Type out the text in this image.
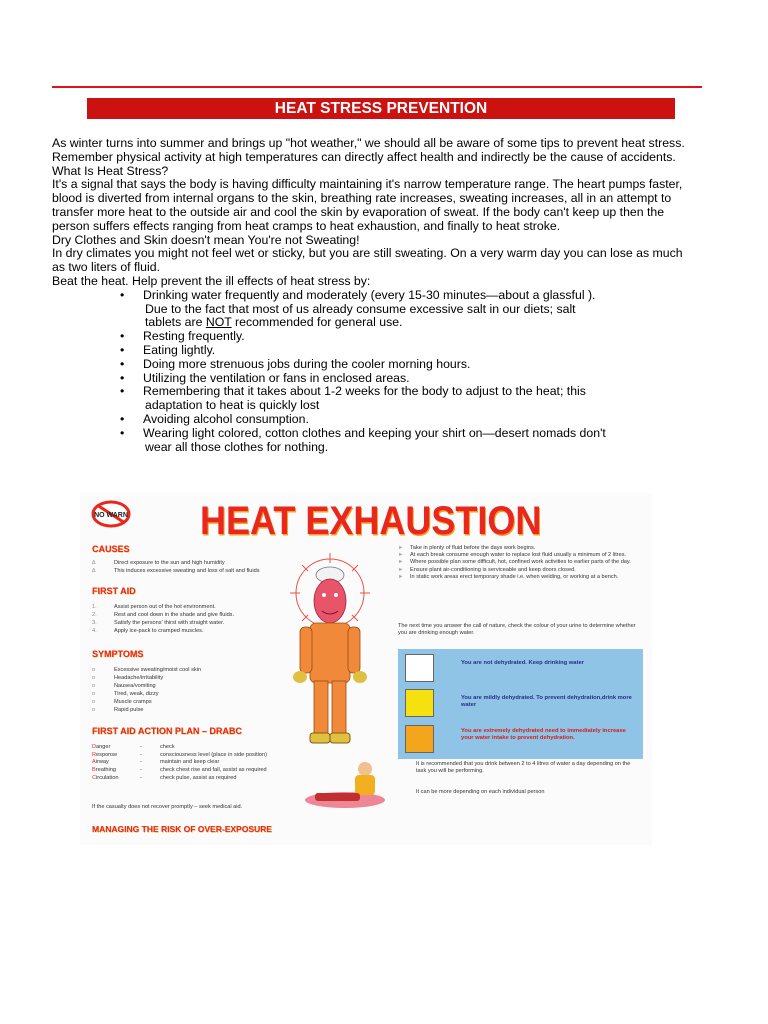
HEAT STRESS PREVENTION

As winter turns into summer and brings up "hot weather," we should all be aware of some tips to prevent heat stress. Remember physical activity at high temperatures can directly affect health and indirectly be the cause of accidents.

What Is Heat Stress?

It's a signal that says the body is having difficulty maintaining it's narrow temperature range. The heart pumps faster, blood is diverted from internal organs to the skin, breathing rate increases, sweating increases, all in an attempt to transfer more heat to the outside air and cool the skin by evaporation of sweat. If the body can't keep up then the person suffers effects ranging from heat cramps to heat exhaustion, and finally to heat stroke.

Dry Clothes and Skin doesn't mean You're not Sweating!

In dry climates you might not feel wet or sticky, but you are still sweating. On a very warm day you can lose as much as two liters of fluid.

Beat the heat. Help prevent the ill effects of heat stress by:

• Drinking water frequently and moderately (every 15-30 minutes—about a glassful ).
Due to the fact that most of us already consume excessive salt in our diets; salt
tablets are NOT recommended for general use.
• Resting frequently.
• Eating lightly.
• Doing more strenuous jobs during the cooler morning hours.
• Utilizing the ventilation or fans in enclosed areas.
• Remembering that it takes about 1-2 weeks for the body to adjust to the heat; this
adaptation to heat is quickly lost
• Avoiding alcohol consumption.
• Wearing light colored, cotton clothes and keeping your shirt on—desert nomads don't
wear all those clothes for nothing.
NO WARN HEAT EXHAUSTION
CAUSES
∆	Direct exposure to the sun and high humidity
∆	This induces excessive sweating and loss of salt and fluids
FIRST AID
1.	Assist person out of the hot environment.
2.	Rest and cool down in the shade and give fluids.
3.	Satisfy the persons' thirst with straight water.
4.	Apply ice-pack to cramped muscles.
SYMPTOMS
o	Excessive sweating/moist cool skin
o	Headache/irritability
o	Nausea/vomiting
o	Tired, weak, dizzy
o	Muscle cramps
o	Rapid pulse
FIRST AID ACTION PLAN – DRABC
Danger	-	check
Response	-	consciousness level (place in side position)
Airway	-	maintain and keep clear
Breathing	-	check chest rise and fall, assist as required
Circulation	-	check pulse, assist as required
If the casualty does not recover promptly – seek medical aid.
MANAGING THE RISK OF OVER-EXPOSURE
► Take in plenty of fluid before the days work begins.
► At each break consume enough water to replace lost fluid usually a minimum of 2 litres.
► Where possible plan some difficult, hot, confined work activities to earlier parts of the day.
► Ensure plant air-conditioning is serviceable and keep doors closed.
► In static work areas erect temporary shade i.e. when welding, or working at a bench.
The next time you answer the call of nature, check the colour of your urine to determine whether you are drinking enough water.
You are not dehydrated. Keep drinking water
You are mildly dehydrated. To prevent dehydration,drink more water
You are extremely dehydrated need to immediately increase your water intake to prevent dehydration.
It is recommended that you drink between 2 to 4 litres of water a day depending on the task you will be performing.
It can be more depending on each individual person
